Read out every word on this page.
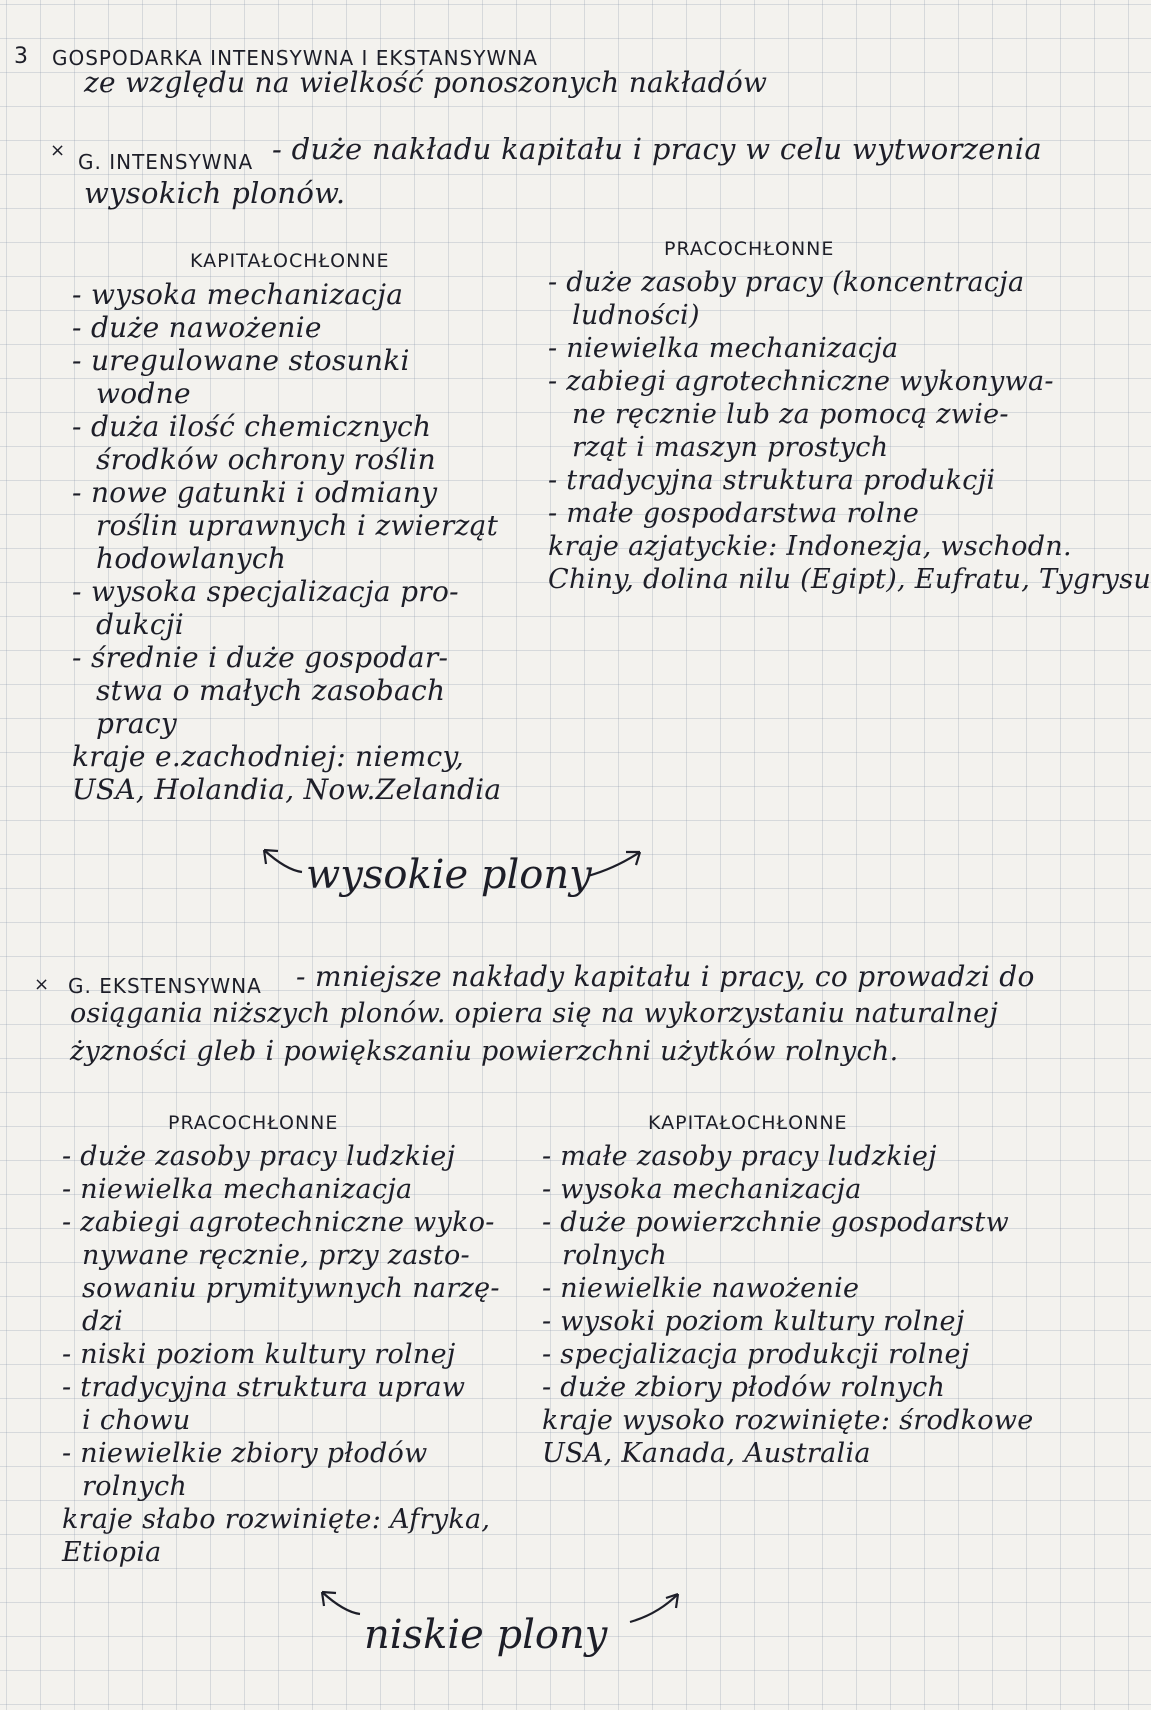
3 GOSPODARKA INTENSYWNA I EKSTANSYWNA
ze względu na wielkość ponoszonych nakładów
× G. INTENSYWNA - duże nakładu kapitału i pracy w celu wytworzenia
wysokich plonów.
KAPITAŁOCHŁONNE
- wysoka mechanizacja
- duże nawożenie
- uregulowane stosunki
wodne
- duża ilość chemicznych
środków ochrony roślin
- nowe gatunki i odmiany
roślin uprawnych i zwierząt
hodowlanych
- wysoka specjalizacja pro-
dukcji
- średnie i duże gospodar-
stwa o małych zasobach
pracy
kraje e.zachodniej: niemcy,
USA, Holandia, Now.Zelandia
PRACOCHŁONNE
- duże zasoby pracy (koncentracja
ludności)
- niewielka mechanizacja
- zabiegi agrotechniczne wykonywa-
ne ręcznie lub za pomocą zwie-
rząt i maszyn prostych
- tradycyjna struktura produkcji
- małe gospodarstwa rolne
kraje azjatyckie: Indonezja, wschodn.
Chiny, dolina nilu (Egipt), Eufratu, Tygrysu
wysokie plony
× G. EKSTENSYWNA - mniejsze nakłady kapitału i pracy, co prowadzi do
osiągania niższych plonów. opiera się na wykorzystaniu naturalnej
żyzności gleb i powiększaniu powierzchni użytków rolnych.
PRACOCHŁONNE
- duże zasoby pracy ludzkiej
- niewielka mechanizacja
- zabiegi agrotechniczne wyko-
nywane ręcznie, przy zasto-
sowaniu prymitywnych narzę-
dzi
- niski poziom kultury rolnej
- tradycyjna struktura upraw
i chowu
- niewielkie zbiory płodów
rolnych
kraje słabo rozwinięte: Afryka,
Etiopia
KAPITAŁOCHŁONNE
- małe zasoby pracy ludzkiej
- wysoka mechanizacja
- duże powierzchnie gospodarstw
rolnych
- niewielkie nawożenie
- wysoki poziom kultury rolnej
- specjalizacja produkcji rolnej
- duże zbiory płodów rolnych
kraje wysoko rozwinięte: środkowe
USA, Kanada, Australia
niskie plony
